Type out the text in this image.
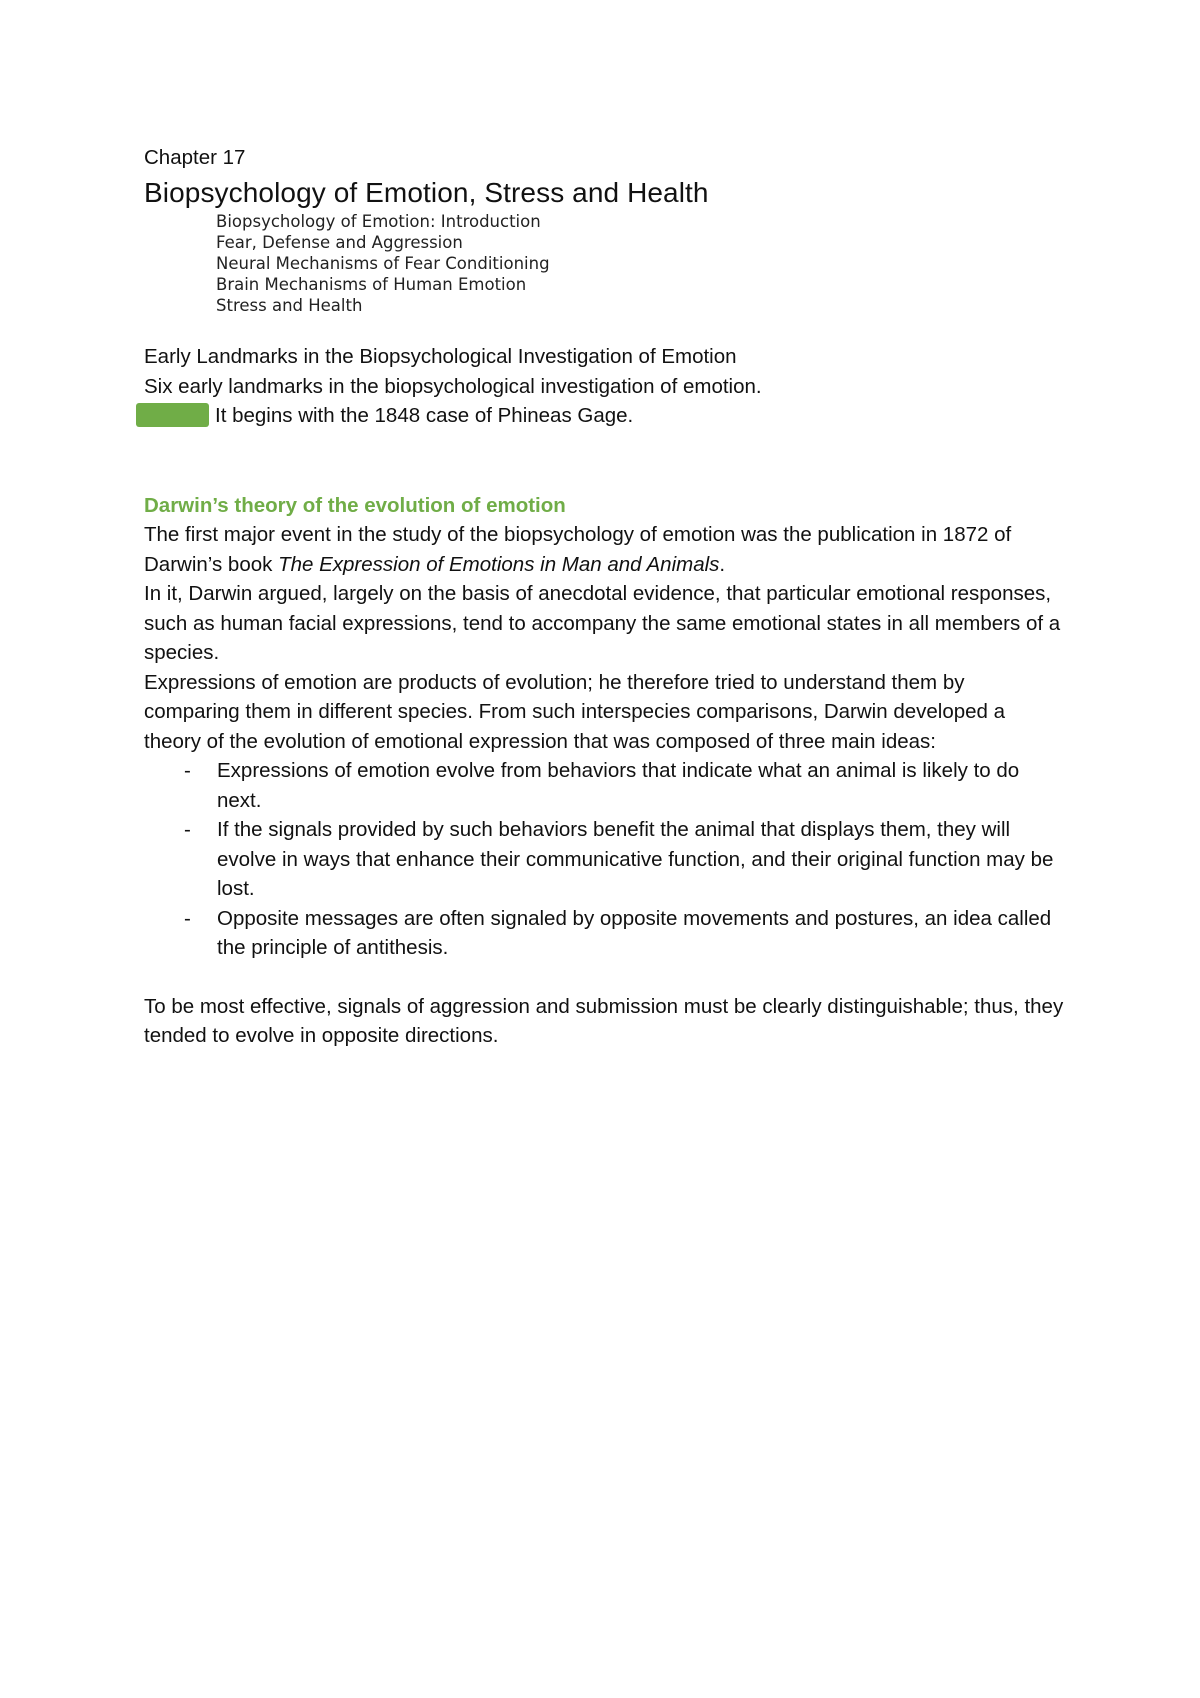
Chapter 17
Biopsychology of Emotion, Stress and Health
Biopsychology of Emotion: Introduction
Fear, Defense and Aggression
Neural Mechanisms of Fear Conditioning
Brain Mechanisms of Human Emotion
Stress and Health

Early Landmarks in the Biopsychological Investigation of Emotion

Six early landmarks in the biopsychological investigation of emotion.

It begins with the 1848 case of Phineas Gage.

Darwin’s theory of the evolution of emotion

The first major event in the study of the biopsychology of emotion was the publication in 1872 of Darwin’s book The Expression of Emotions in Man and Animals.

In it, Darwin argued, largely on the basis of anecdotal evidence, that particular emotional responses, such as human facial expressions, tend to accompany the same emotional states in all members of a species.

Expressions of emotion are products of evolution; he therefore tried to understand them by comparing them in different species. From such interspecies comparisons, Darwin developed a theory of the evolution of emotional expression that was composed of three main ideas:

- Expressions of emotion evolve from behaviors that indicate what an animal is likely to do next.
- If the signals provided by such behaviors benefit the animal that displays them, they will evolve in ways that enhance their communicative function, and their original function may be lost.
- Opposite messages are often signaled by opposite movements and postures, an idea called the principle of antithesis.

To be most effective, signals of aggression and submission must be clearly distinguishable; thus, they tended to evolve in opposite directions.
